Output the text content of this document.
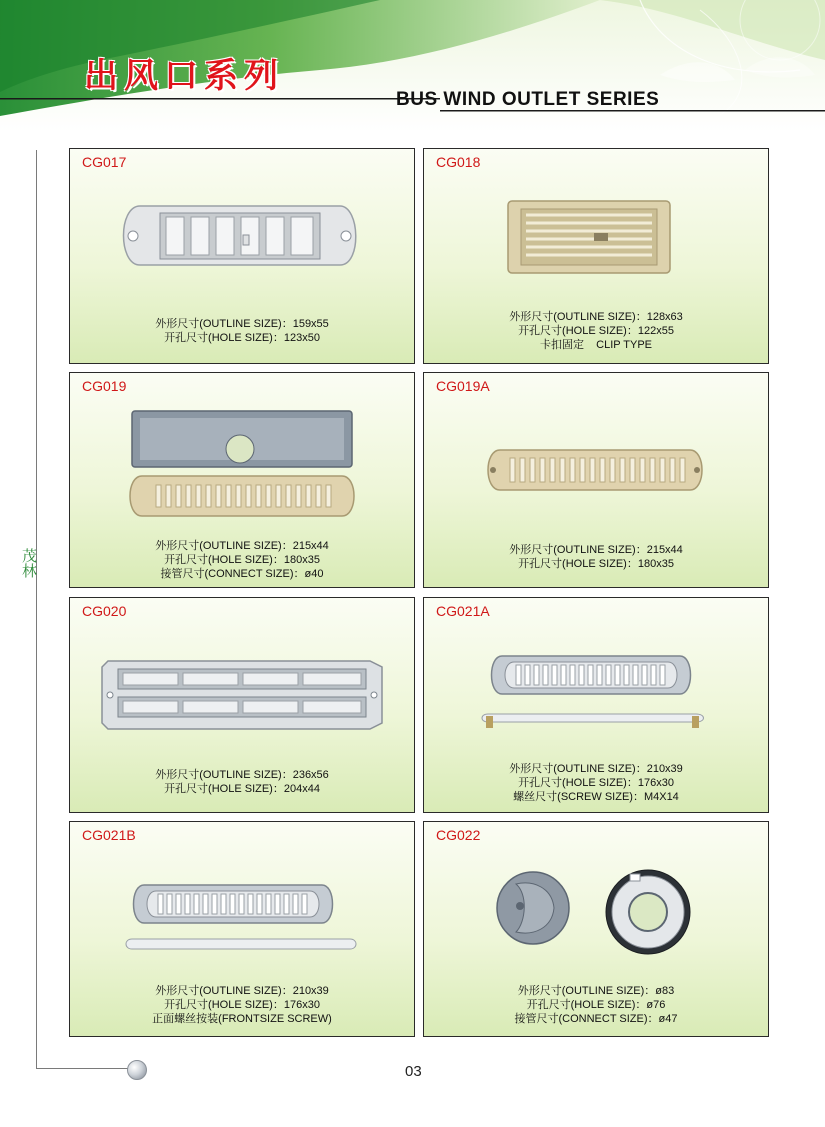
出风口系列
BUS WIND OUTLET SERIES
茂林
03
CG017
外形尺寸(OUTLINE SIZE)：159x55
开孔尺寸(HOLE SIZE)：123x50
CG018
外形尺寸(OUTLINE SIZE)：128x63
开孔尺寸(HOLE SIZE)：122x55
卡扣固定    CLIP TYPE
CG019
外形尺寸(OUTLINE SIZE)：215x44
开孔尺寸(HOLE SIZE)：180x35
接管尺寸(CONNECT SIZE)：ø40
CG019A
外形尺寸(OUTLINE SIZE)：215x44
开孔尺寸(HOLE SIZE)：180x35
CG020
外形尺寸(OUTLINE SIZE)：236x56
开孔尺寸(HOLE SIZE)：204x44
CG021A
外形尺寸(OUTLINE SIZE)：210x39
开孔尺寸(HOLE SIZE)：176x30
螺丝尺寸(SCREW SIZE)：M4X14
CG021B
外形尺寸(OUTLINE SIZE)：210x39
开孔尺寸(HOLE SIZE)：176x30
正面螺丝按装(FRONTSIZE SCREW)
CG022
外形尺寸(OUTLINE SIZE)：ø83
开孔尺寸(HOLE SIZE)：ø76
接管尺寸(CONNECT SIZE)：ø47
